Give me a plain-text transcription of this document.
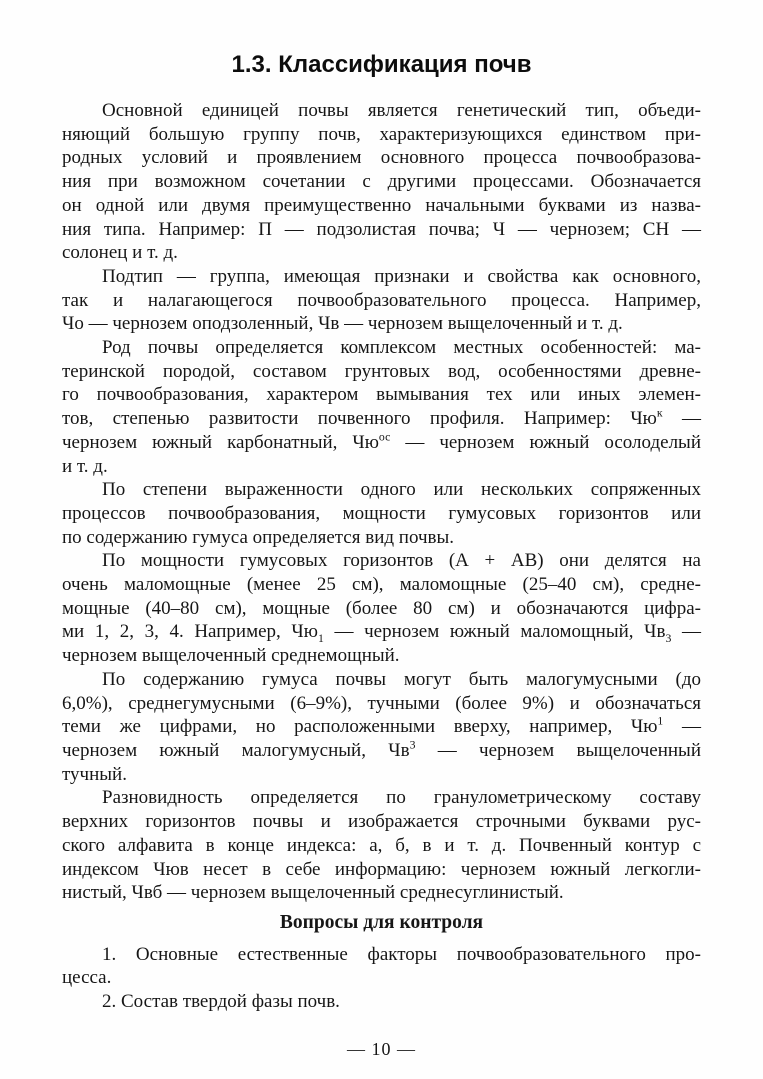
1.3. Классификация почв
Основной единицей почвы является генетический тип, объеди-
няющий большую группу почв, характеризующихся единством при-
родных условий и проявлением основного процесса почвообразова-
ния при возможном сочетании с другими процессами. Обозначается
он одной или двумя преимущественно начальными буквами из назва-
ния типа. Например: П — подзолистая почва; Ч — чернозем; СН —
солонец и т. д.
Подтип — группа, имеющая признаки и свойства как основного,
так и налагающегося почвообразовательного процесса. Например,
Чо — чернозем оподзоленный, Чв — чернозем выщелоченный и т. д.
Род почвы определяется комплексом местных особенностей: ма-
теринской породой, составом грунтовых вод, особенностями древне-
го почвообразования, характером вымывания тех или иных элемен-
тов, степенью развитости почвенного профиля. Например: $Чю^к$ —
чернозем южный карбонатный, $Чю^{ос}$ — чернозем южный осолоделый
и т. д.
По степени выраженности одного или нескольких сопряженных
процессов почвообразования, мощности гумусовых горизонтов или
по содержанию гумуса определяется вид почвы.
По мощности гумусовых горизонтов (А + АВ) они делятся на
очень маломощные (менее 25 см), маломощные (25–40 см), средне-
мощные (40–80 см), мощные (более 80 см) и обозначаются цифра-
ми 1, 2, 3, 4. Например, $Чю_1$ — чернозем южный маломощный, $Чв_3$ —
чернозем выщелоченный среднемощный.
По содержанию гумуса почвы могут быть малогумусными (до
6,0%), среднегумусными (6–9%), тучными (более 9%) и обозначаться
теми же цифрами, но расположенными вверху, например, $Чю^1$ —
чернозем южный малогумусный, $Чв^3$ — чернозем выщелоченный
тучный.
Разновидность определяется по гранулометрическому составу
верхних горизонтов почвы и изображается строчными буквами рус-
ского алфавита в конце индекса: а, б, в и т. д. Почвенный контур с
индексом Чюв несет в себе информацию: чернозем южный легкогли-
нистый, Чвб — чернозем выщелоченный среднесуглинистый.
Вопросы для контроля
1. Основные естественные факторы почвообразовательного про-
цесса.
2. Состав твердой фазы почв.
— 10 —
